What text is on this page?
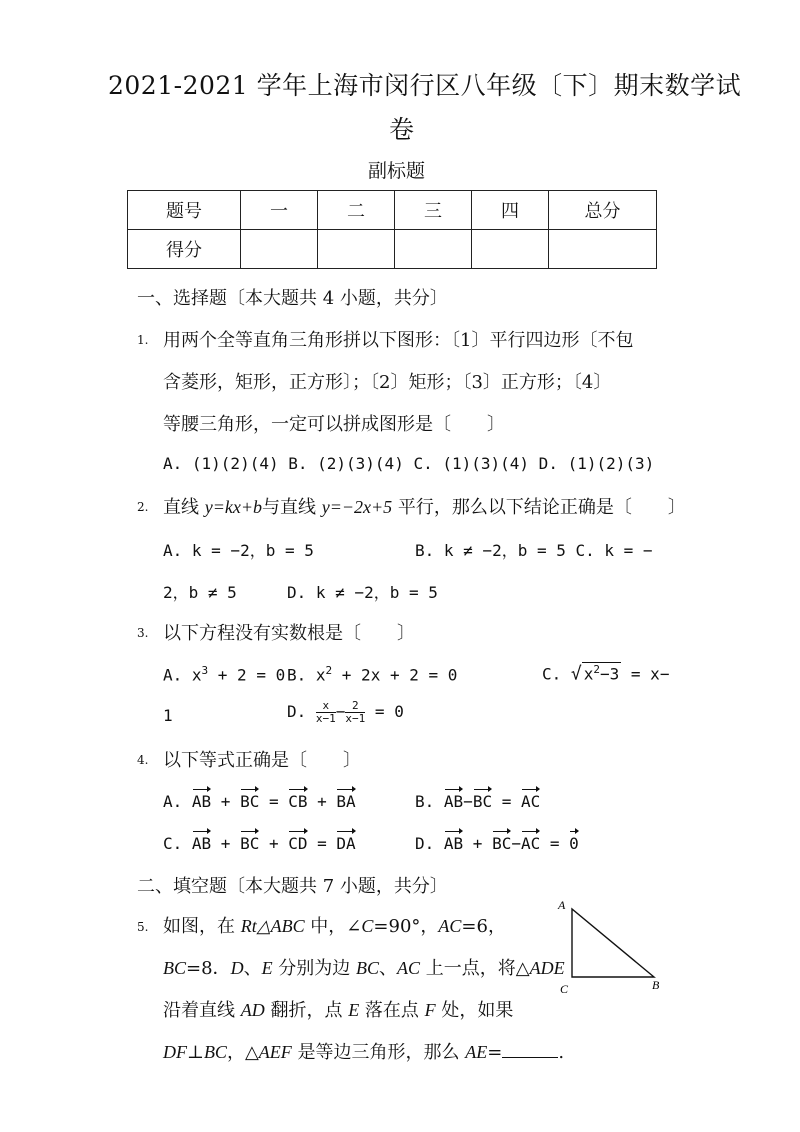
2021-2021 学年上海市闵行区八年级〔下〕期末数学试
卷
副标题
题号	一	二	三	四	总分
得分					
一、选择题〔本大题共 4 小题，共分〕
1. 用两个全等直角三角形拼以下图形：〔1〕平行四边形〔不包
含菱形，矩形，正方形〕；〔2〕矩形；〔3〕正方形；〔4〕
等腰三角形，一定可以拼成图形是〔　　〕
A. (1)(2)(4) B. (2)(3)(4) C. (1)(3)(4) D. (1)(2)(3)
2. 直线 y=kx+b与直线 y=−2x+5 平行，那么以下结论正确是〔　　〕
A. k = −2，b = 5	B. k ≠ −2，b = 5 C. k = −
2，b ≠ 5	D. k ≠ −2，b = 5
3. 以下方程没有实数根是〔　　〕
A. $x^3 + 2 = 0$ B. $x^2 + 2x + 2 = 0$	C. √ $x^2-3 = x-$
1	D. $\frac{x}{x-1} - \frac{2}{x-1} = 0$
4. 以下等式正确是〔　　〕
A. AB + BC = CB + BA	B. AB−BC = AC
C. AB + BC + CD = DA	D. AB + BC−AC = 0
二、填空题〔本大题共 7 小题，共分〕
5. 如图，在 Rt△ABC 中，∠C=90°，AC=6，
BC=8．D、E 分别为边 BC、AC 上一点，将△ADE
沿着直线 AD 翻折，点 E 落在点 F 处，如果
DF⊥BC，△AEF 是等边三角形，那么 AE=	.
A
C	B
